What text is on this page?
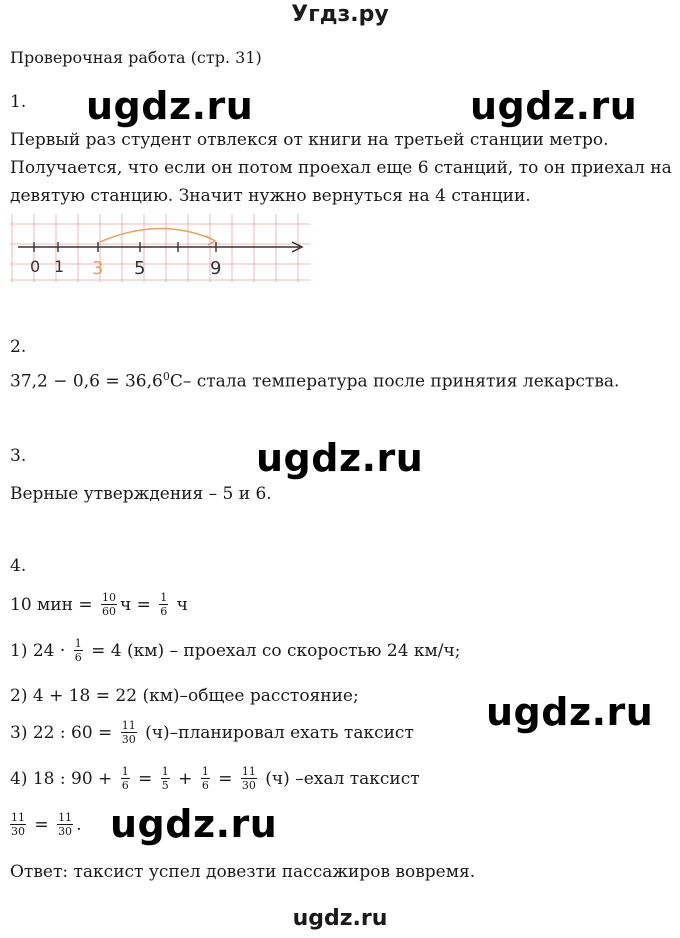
Угдз.ру
Проверочная работа (стр. 31)
1. ugdz.ru	ugdz.ru
Первый раз студент отвлекся от книги на третьей станции метро.
Получается, что если он потом проехал еще 6 станций, то он приехал на
девятую станцию. Значит нужно вернуться на 4 станции.
0 1 3 5	9
2.
$37,2 - 0,6 = 36,6^0С-$ стала температура после принятия лекарства.
3.	ugdz.ru
Верные утверждения – 5 и 6.
4.
10 мин = $\frac{10}{60}$ $ч = \frac{1}{6}$ ч
1) $24 \cdot \frac{1}{6} = 4$ (км) – проехал со скоростью 24 км/ч;
2) 4 + 18 = 22 (км)–общее расстояние;	ugdz.ru
3) 22 : $60 = \frac{11}{30}$ (ч)–планировал ехать таксист
4) 18 : $90 + \frac{1}{6} = \frac{1}{5} + \frac{1}{6} = \frac{11}{30} (ч)$ –ехал таксист
$\frac{11}{30} = \frac{11}{30}$ . ugdz.ru
Ответ: таксист успел довезти пассажиров вовремя.
ugdz.ru
